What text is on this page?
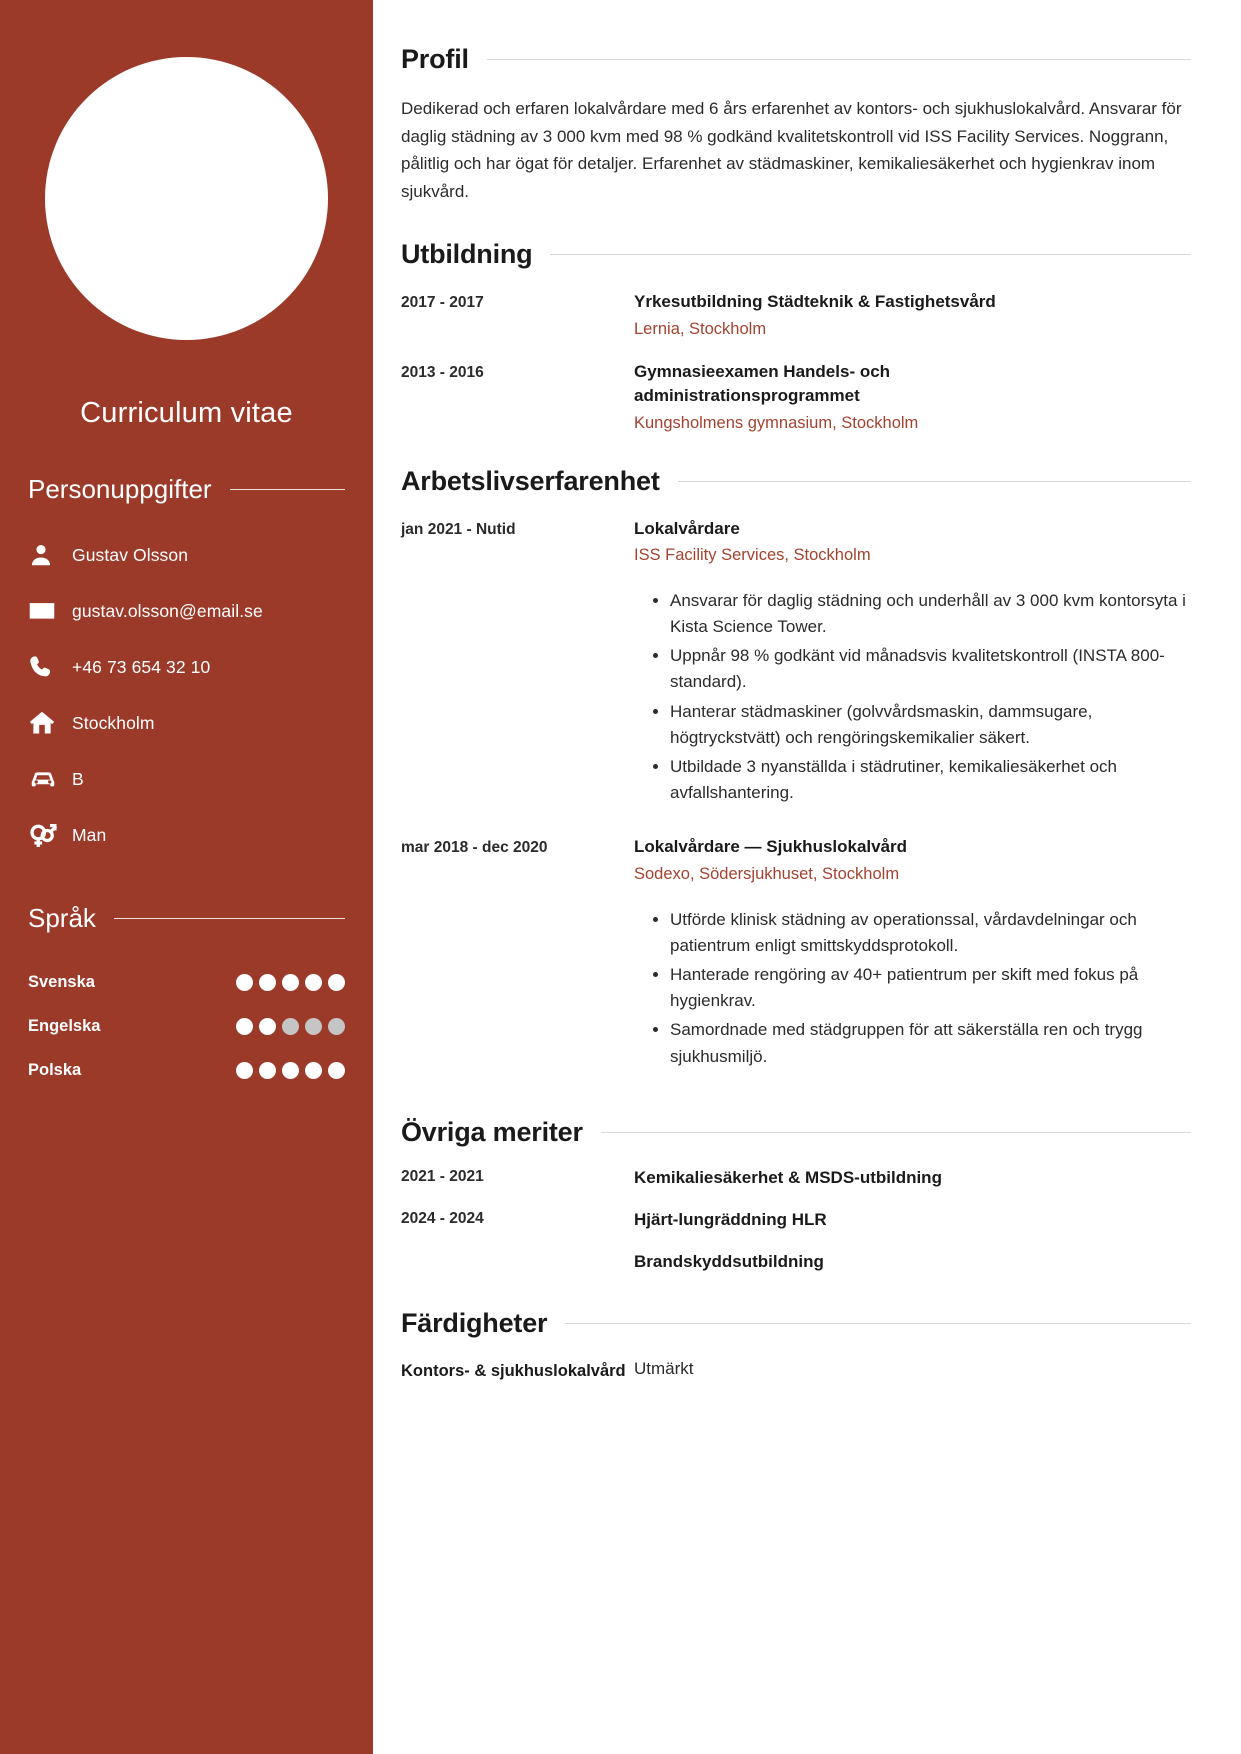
Curriculum vitae
Personuppgifter
Gustav Olsson
gustav.olsson@email.se
+46 73 654 32 10
Stockholm
B
Man
Språk
Svenska
Engelska
Polska
Profil

Dedikerad och erfaren lokalvårdare med 6 års erfarenhet av kontors- och sjukhuslokalvård. Ansvarar för daglig städning av 3 000 kvm med 98 % godkänd kvalitetskontroll vid ISS Facility Services. Noggrann, pålitlig och har ögat för detaljer. Erfarenhet av städmaskiner, kemikaliesäkerhet och hygienkrav inom sjukvård.

Utbildning
2017 - 2017	Yrkesutbildning Städteknik & Fastighetsvård
Lernia, Stockholm
2013 - 2016	Gymnasieexamen Handels- och administrationsprogrammet
Kungsholmens gymnasium, Stockholm
Arbetslivserfarenhet
jan 2021 - Nutid	Lokalvårdare
ISS Facility Services, Stockholm
• Ansvarar för daglig städning och underhåll av 3 000 kvm kontorsyta i Kista Science Tower.
• Uppnår 98 % godkänt vid månadsvis kvalitetskontroll (INSTA 800-standard).
• Hanterar städmaskiner (golvvårdsmaskin, dammsugare, högtryckstvätt) och rengöringskemikalier säkert.
• Utbildade 3 nyanställda i städrutiner, kemikaliesäkerhet och avfallshantering.
mar 2018 - dec 2020	Lokalvårdare — Sjukhuslokalvård
Sodexo, Södersjukhuset, Stockholm
• Utförde klinisk städning av operationssal, vårdavdelningar och patientrum enligt smittskyddsprotokoll.
• Hanterade rengöring av 40+ patientrum per skift med fokus på hygienkrav.
• Samordnade med städgruppen för att säkerställa ren och trygg sjukhusmiljö.
Övriga meriter
2021 - 2021	Kemikaliesäkerhet & MSDS-utbildning
2024 - 2024	Hjärt-lungräddning HLR
Brandskyddsutbildning
Färdigheter
Kontors- & sjukhuslokalvård Utmärkt
